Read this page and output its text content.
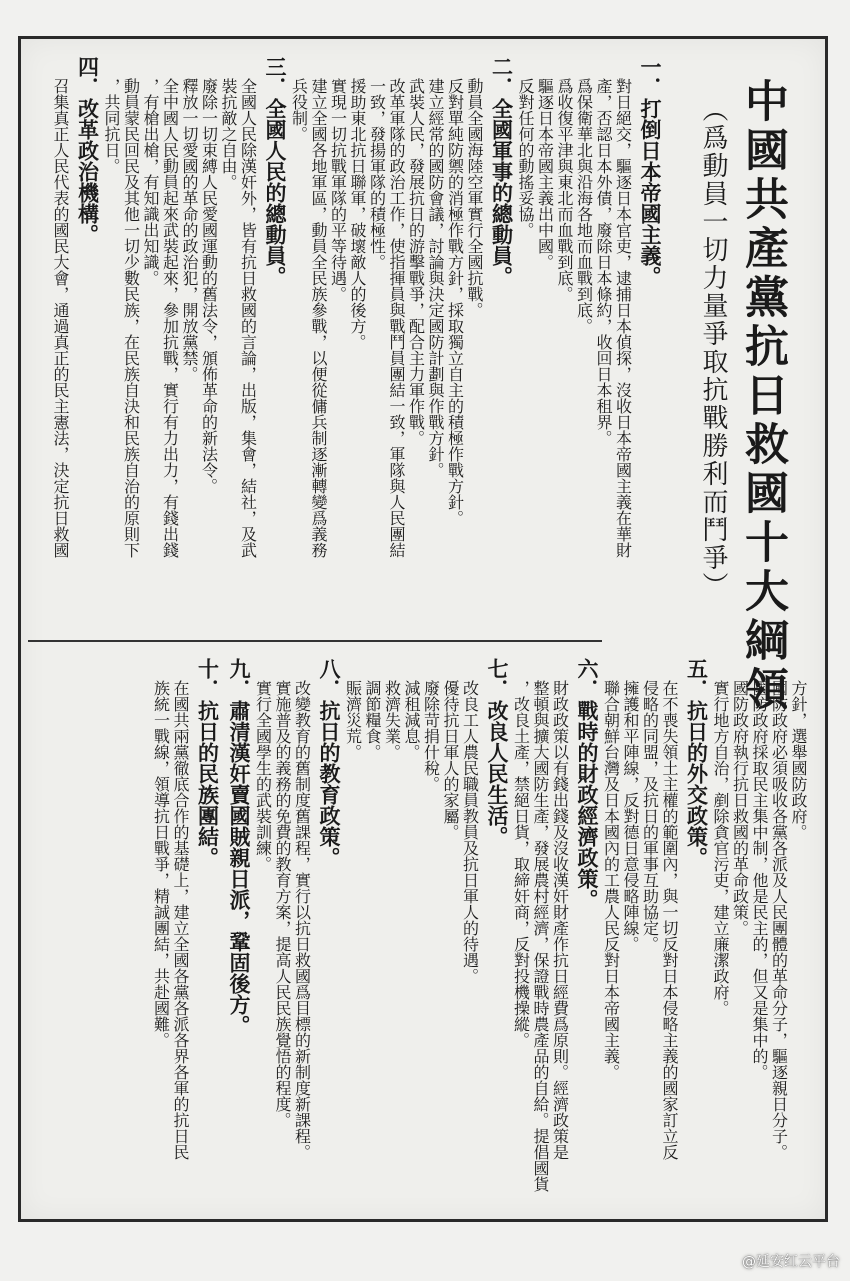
中國共產黨抗日救國十大綱領
（爲動員一切力量爭取抗戰勝利而鬥爭）
一．打倒日本帝國主義。
對日絕交，驅逐日本官吏，逮捕日本偵探，沒收日本帝國主義在華財
產，否認日本外債，廢除日本條約，收回日本租界。
爲保衛華北與沿海各地而血戰到底。
爲收復平津與東北而血戰到底。
驅逐日本帝國主義出中國。
反對任何的動搖妥協。
二．全國軍事的總動員。
動員全國海陸空軍實行全國抗戰。
反對單純防禦的消極作戰方針，採取獨立自主的積極作戰方針。
建立經常的國防會議，討論與決定國防計劃與作戰方針。
武裝人民，發展抗日的游擊戰爭，配合主力軍作戰。
改革軍隊的政治工作，使指揮員與戰鬥員團結一致，軍隊與人民團結
一致，發揚軍隊的積極性。
援助東北抗日聯軍，破壞敵人的後方。
實現一切抗戰軍隊的平等待遇。
建立全國各地軍區，動員全民族參戰，以便從傭兵制逐漸轉變爲義務
兵役制。
三．全國人民的總動員。
全國人民除漢奸外，皆有抗日救國的言論，出版，集會，結社，及武
裝抗敵之自由。
廢除一切束縛人民愛國運動的舊法令，頒佈革命的新法令。
釋放一切愛國的革命的政治犯，開放黨禁。
全中國人民動員起來武裝起來，參加抗戰，實行有力出力，有錢出錢
，有槍出槍，有知識出知識。
動員蒙民回民及其他一切少數民族，在民族自決和民族自治的原則下
，共同抗日。
四．改革政治機構。
召集真正人民代表的國民大會，通過真正的民主憲法，決定抗日救國
方針，選舉國防政府。
國防政府必須吸收各黨各派及人民團體的革命分子，驅逐親日分子。
國防政府採取民主集中制，他是民主的，但又是集中的。
國防政府執行抗日救國的革命政策。
實行地方自治，剷除貪官污吏，建立廉潔政府。
五．抗日的外交政策。
在不喪失領土主權的範圍內，與一切反對日本侵略主義的國家訂立反
侵略的同盟，及抗日的軍事互助協定。
擁護和平陣線，反對德日意侵略陣線。
聯合朝鮮台灣及日本國內的工農人民反對日本帝國主義。
六．戰時的財政經濟政策。
財政政策以有錢出錢及沒收漢奸財產作抗日經費爲原則。經濟政策是
整頓與擴大國防生產，發展農村經濟，保證戰時農產品的自給。提倡國貨
，改良土產，禁絕日貨，取締奸商，反對投機操縱。
七．改良人民生活。
改良工人農民職員教員及抗日軍人的待遇。
優待抗日軍人的家屬。
廢除苛捐什稅。
減租減息。
救濟失業。
調節糧食。
賑濟災荒。
八．抗日的教育政策。
改變教育的舊制度舊課程，實行以抗日救國爲目標的新制度新課程。
實施普及的義務的免費的教育方案，提高人民民族覺悟的程度。
實行全國學生的武裝訓練。
九．肅清漢奸賣國賊親日派，鞏固後方。
十．抗日的民族團結。
在國共兩黨徹底合作的基礎上，建立全國各黨各派各界各軍的抗日民
族統一戰線，領導抗日戰爭，精誠團結，共赴國難。
@延安红云平台
